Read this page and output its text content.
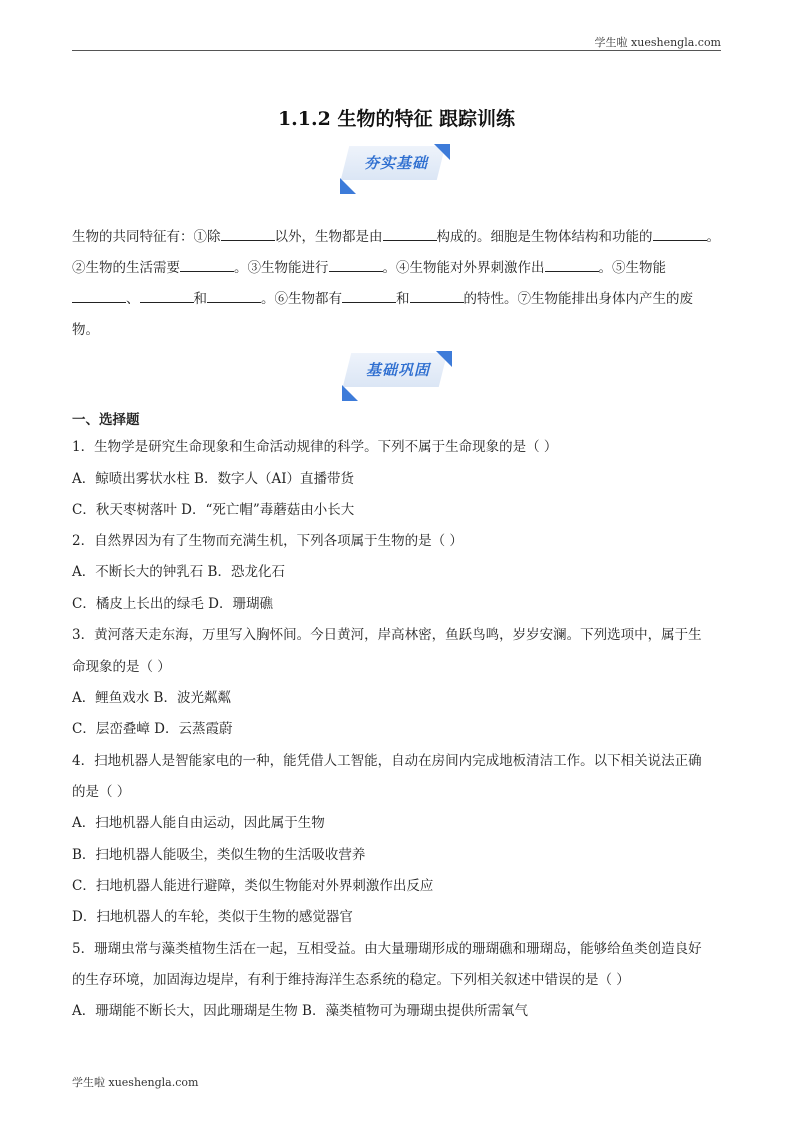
学生啦 xueshengla.com
1.1.2 生物的特征 跟踪训练
夯实基础
生物的共同特征有：①除	以外，生物都是由	构成的。细胞是生物体结构和功能的	。
②生物的生活需要	。③生物能进行	。④生物能对外界刺激作出	。⑤生物能
、	和	。⑥生物都有	和	的特性。⑦生物能排出身体内产生的废
物。
基础巩固
一、选择题
1．生物学是研究生命现象和生命活动规律的科学。下列不属于生命现象的是（ ）
A．鲸喷出雾状水柱 B．数字人（AI）直播带货
C．秋天枣树落叶 D．“死亡帽”毒蘑菇由小长大
2．自然界因为有了生物而充满生机，下列各项属于生物的是（ ）
A．不断长大的钟乳石 B．恐龙化石
C．橘皮上长出的绿毛 D．珊瑚礁
3．黄河落天走东海，万里写入胸怀间。今日黄河，岸高林密，鱼跃鸟鸣，岁岁安澜。下列选项中，属于生
命现象的是（ ）
A．鲤鱼戏水 B．波光粼粼
C．层峦叠嶂 D．云蒸霞蔚
4．扫地机器人是智能家电的一种，能凭借人工智能，自动在房间内完成地板清洁工作。以下相关说法正确
的是（ ）
A．扫地机器人能自由运动，因此属于生物
B．扫地机器人能吸尘，类似生物的生活吸收营养
C．扫地机器人能进行避障，类似生物能对外界刺激作出反应
D．扫地机器人的车轮，类似于生物的感觉器官
5．珊瑚虫常与藻类植物生活在一起，互相受益。由大量珊瑚形成的珊瑚礁和珊瑚岛，能够给鱼类创造良好
的生存环境，加固海边堤岸，有利于维持海洋生态系统的稳定。下列相关叙述中错误的是（ ）
A．珊瑚能不断长大，因此珊瑚是生物 B．藻类植物可为珊瑚虫提供所需氧气
学生啦 xueshengla.com
